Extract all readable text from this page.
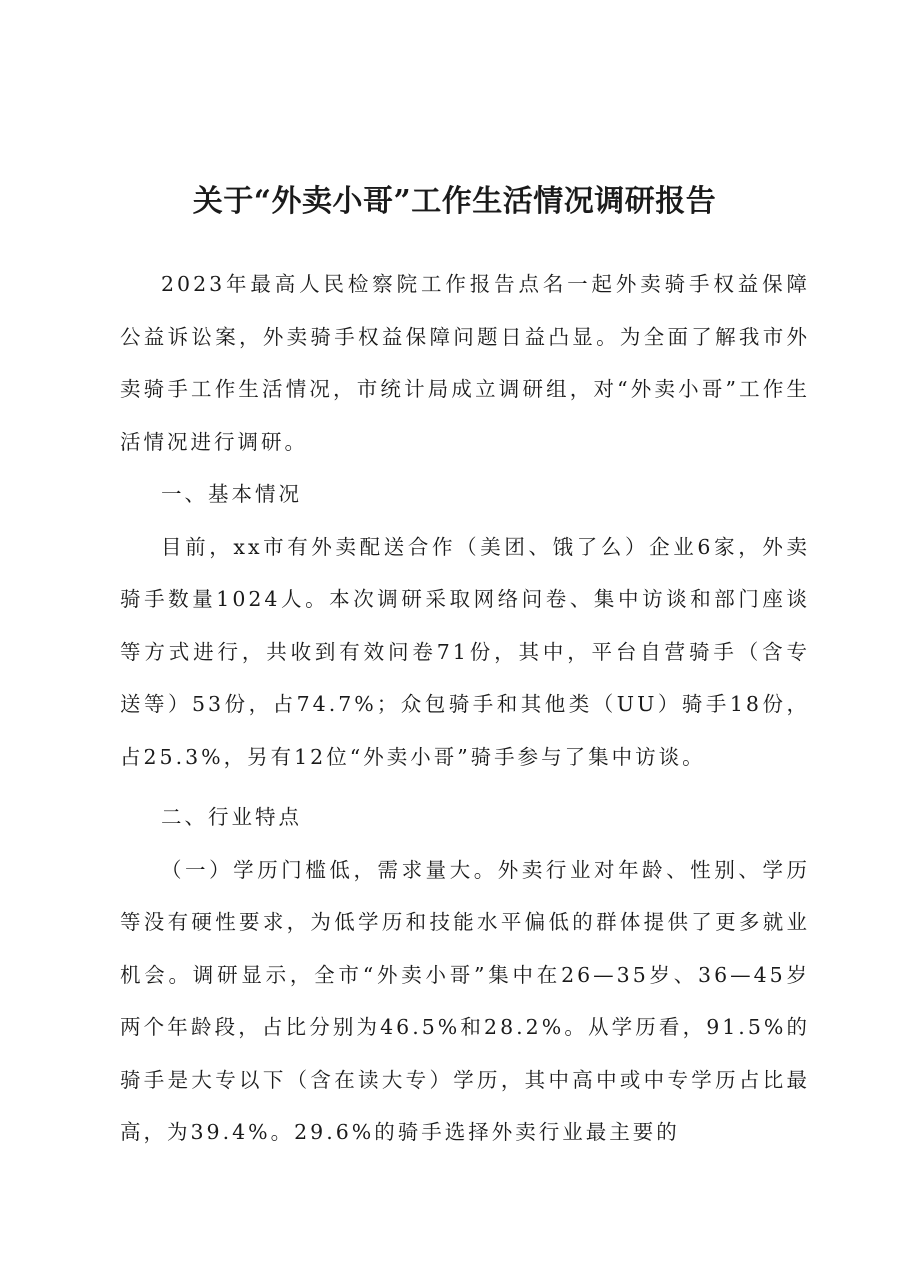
关于“外卖小哥”工作生活情况调研报告

2023年最高人民检察院工作报告点名一起外卖骑手权益保障公益诉讼案，外卖骑手权益保障问题日益凸显。为全面了解我市外卖骑手工作生活情况，市统计局成立调研组，对“外卖小哥”工作生活情况进行调研。

一、基本情况

目前，xx市有外卖配送合作（美团、饿了么）企业6家，外卖骑手数量1024人。本次调研采取网络问卷、集中访谈和部门座谈等方式进行，共收到有效问卷71份，其中，平台自营骑手（含专送等）53份，占74.7%；众包骑手和其他类（UU）骑手18份，占25.3%，另有12位“外卖小哥”骑手参与了集中访谈。

二、行业特点

（一）学历门槛低，需求量大。外卖行业对年龄、性别、学历等没有硬性要求，为低学历和技能水平偏低的群体提供了更多就业机会。调研显示，全市“外卖小哥”集中在26—35岁、36—45岁两个年龄段，占比分别为46.5%和28.2%。从学历看，91.5%的骑手是大专以下（含在读大专）学历，其中高中或中专学历占比最高，为39.4%。29.6%的骑手选择外卖行业最主要的
